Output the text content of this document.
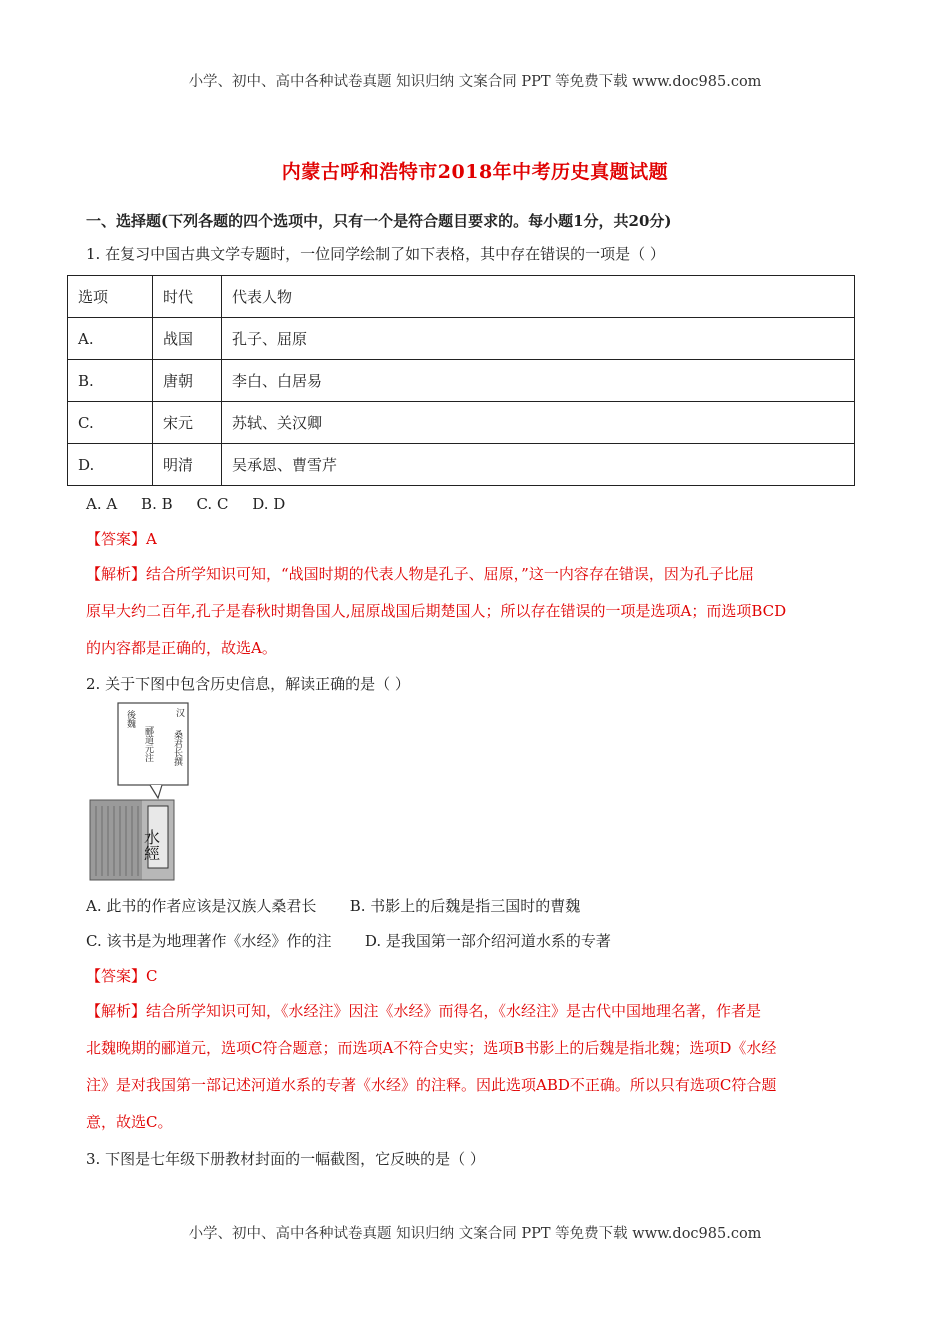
小学、初中、高中各种试卷真题 知识归纳 文案合同 PPT 等免费下载 www.doc985.com
内蒙古呼和浩特市2018年中考历史真题试题
一、选择题(下列各题的四个选项中，只有一个是符合题目要求的。每小题1分，共20分)
1. 在复习中国古典文学专题时，一位同学绘制了如下表格，其中存在错误的一项是（ ）
选项	时代	代表人物
A.	战国	孔子、屈原
B.	唐朝	李白、白居易
C.	宋元	苏轼、关汉卿
D.	明清	吴承恩、曹雪芹
A. A     B. B     C. C     D. D
【答案】A
【解析】结合所学知识可知，“战国时期的代表人物是孔子、屈原，”这一内容存在错误，因为孔子比屈
原早大约二百年,孔子是春秋时期鲁国人,屈原战国后期楚国人；所以存在错误的一项是选项A；而选项BCD
的内容都是正确的，故选A。
2. 关于下图中包含历史信息，解读正确的是（ ）
汉
桑君长撰
後魏
郦道元注
水經
A. 此书的作者应该是汉族人桑君长       B. 书影上的后魏是指三国时的曹魏
C. 该书是为地理著作《水经》作的注       D. 是我国第一部介绍河道水系的专著
【答案】C
【解析】结合所学知识可知，《水经注》因注《水经》而得名，《水经注》是古代中国地理名著，作者是
北魏晚期的郦道元，选项C符合题意；而选项A不符合史实；选项B书影上的后魏是指北魏；选项D《水经
注》是对我国第一部记述河道水系的专著《水经》的注释。因此选项ABD不正确。所以只有选项C符合题
意，故选C。
3. 下图是七年级下册教材封面的一幅截图，它反映的是（ ）
小学、初中、高中各种试卷真题 知识归纳 文案合同 PPT 等免费下载 www.doc985.com
